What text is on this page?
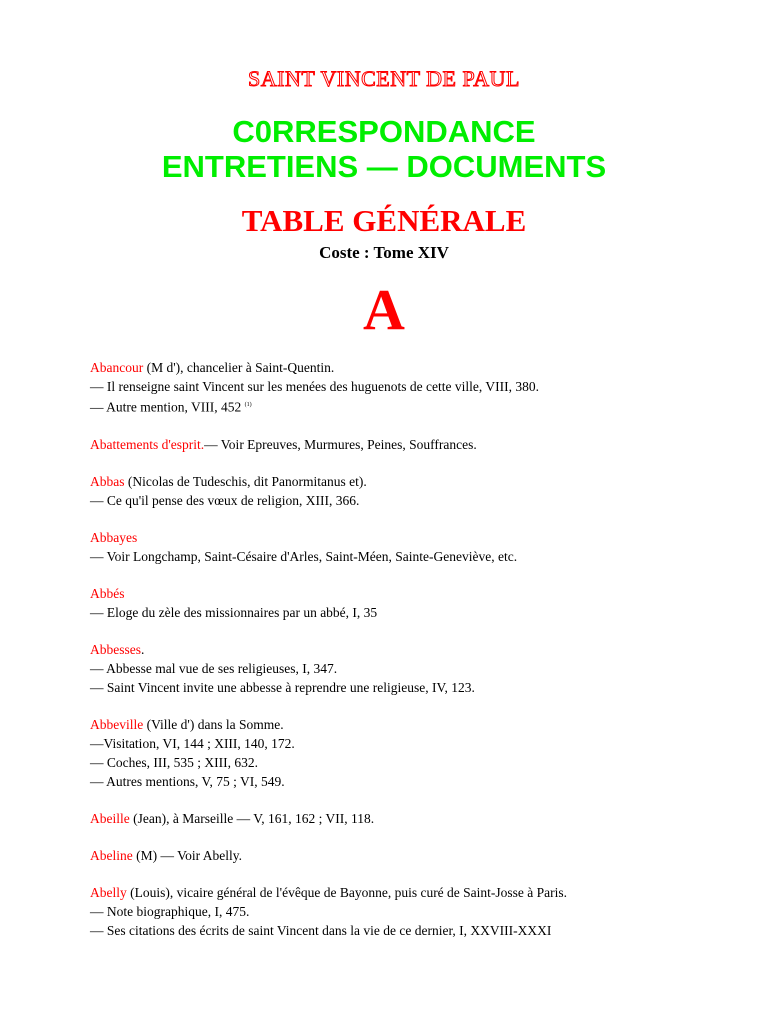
SAINT VINCENT DE PAUL
C0RRESPONDANCE
ENTRETIENS — DOCUMENTS
TABLE GÉNÉRALE
Coste : Tome XIV
A
Abancour (M d'), chancelier à Saint-Quentin.
— Il renseigne saint Vincent sur les menées des huguenots de cette ville, VIII, 380.
— Autre mention, VIII, 452 $^{(1)}$
Abattements d'esprit.— Voir Epreuves, Murmures, Peines, Souffrances.
Abbas (Nicolas de Tudeschis, dit Panormitanus et).
— Ce qu'il pense des vœux de religion, XIII, 366.
Abbayes
— Voir Longchamp, Saint-Césaire d'Arles, Saint-Méen, Sainte-Geneviève, etc.
Abbés
— Eloge du zèle des missionnaires par un abbé, I, 35
Abbesses.
— Abbesse mal vue de ses religieuses, I, 347.
— Saint Vincent invite une abbesse à reprendre une religieuse, IV, 123.
Abbeville (Ville d') dans la Somme.
—Visitation, VI, 144 ; XIII, 140, 172.
— Coches, III, 535 ; XIII, 632.
— Autres mentions, V, 75 ; VI, 549.
Abeille (Jean), à Marseille — V, 161, 162 ; VII, 118.
Abeline (M) — Voir Abelly.
Abelly (Louis), vicaire général de l'évêque de Bayonne, puis curé de Saint-Josse à Paris.
— Note biographique, I, 475.
— Ses citations des écrits de saint Vincent dans la vie de ce dernier, I, XXVIII-XXXI
